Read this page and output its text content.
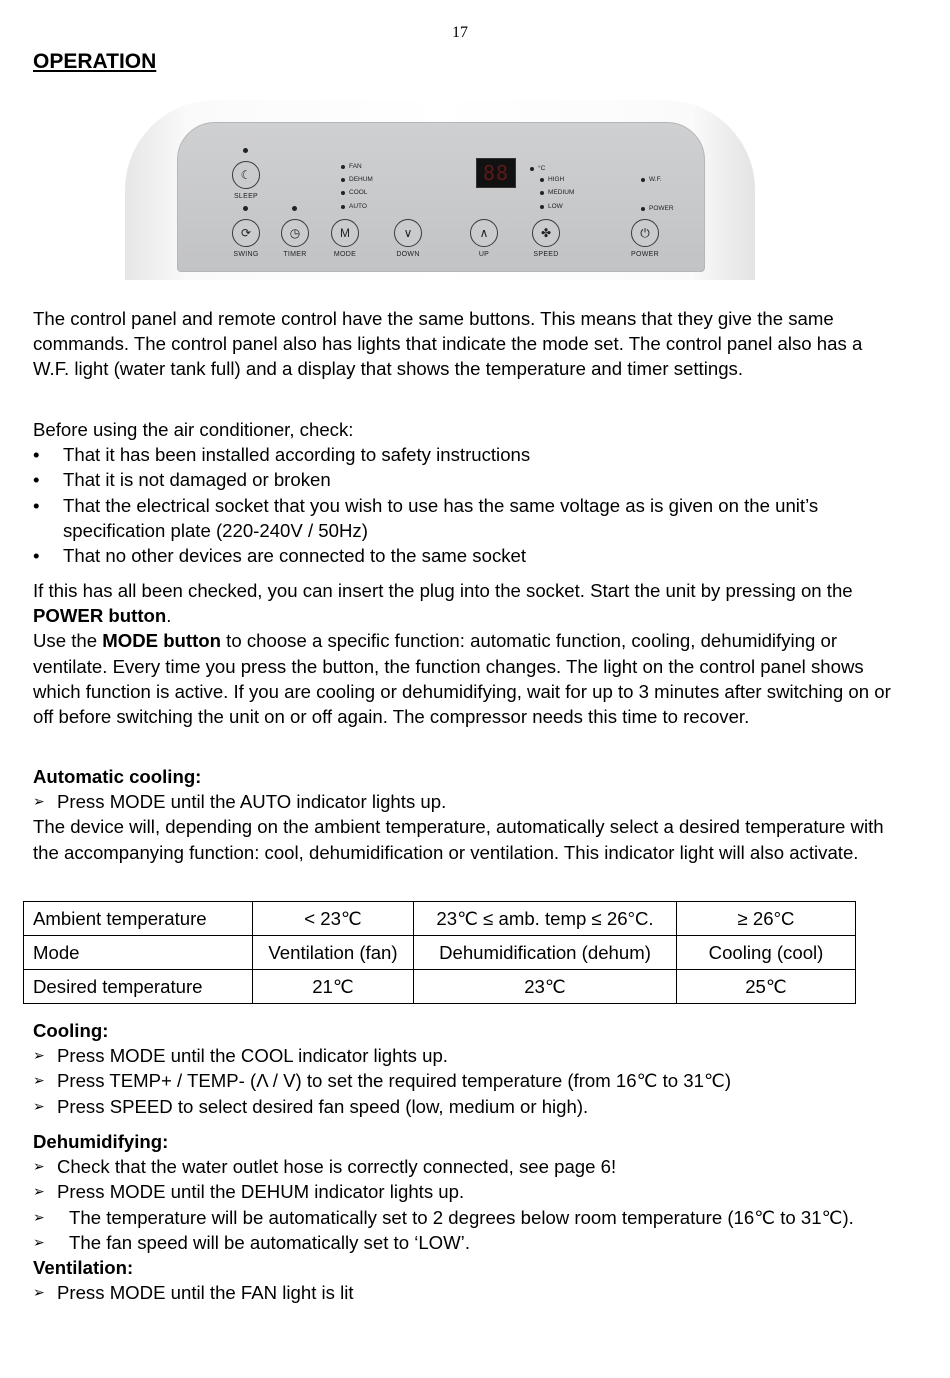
17
OPERATION
☾
SLEEP
FAN
DEHUM
COOL
AUTO
88	°C
HIGH
MEDIUM
LOW
W.F.
POWER
⟳
SWING
◷
TIMER
M
MODE
∨
DOWN
∧
UP
✤
SPEED
⏻
POWER

The control panel and remote control have the same buttons. This means that they give the same commands. The control panel also has lights that indicate the mode set. The control panel also has a W.F. light (water tank full) and a display that shows the temperature and timer settings.

Before using the air conditioner, check:

•	That it has been installed according to safety instructions
•	That it is not damaged or broken
•	That the electrical socket that you wish to use has the same voltage as is given on the unit’s specification plate (220-240V / 50Hz)
•	That no other devices are connected to the same socket

If this has all been checked, you can insert the plug into the socket. Start the unit by pressing on the POWER button.

Use the MODE button to choose a specific function: automatic function, cooling, dehumidifying or ventilate. Every time you press the button, the function changes. The light on the control panel shows which function is active. If you are cooling or dehumidifying, wait for up to 3 minutes after switching on or off before switching the unit on or off again. The compressor needs this time to recover.

Automatic cooling:

➢ Press MODE until the AUTO indicator lights up.

The device will, depending on the ambient temperature, automatically select a desired temperature with the accompanying function: cool, dehumidification or ventilation. This indicator light will also activate.

Ambient temperature	< 23℃	23℃ ≤ amb. temp ≤ 26°C.	≥ 26°C
Mode	Ventilation (fan)	Dehumidification (dehum)	Cooling (cool)
Desired temperature	21℃	23℃	25℃

Cooling:

➢ Press MODE until the COOL indicator lights up.
➢ Press TEMP+ / TEMP- (Λ / V) to set the required temperature (from 16℃ to 31℃)
➢ Press SPEED to select desired fan speed (low, medium or high).

Dehumidifying:

➢ Check that the water outlet hose is correctly connected, see page 6!
➢ Press MODE until the DEHUM indicator lights up.
➢	The temperature will be automatically set to 2 degrees below room temperature (16℃ to 31℃).
➢	The fan speed will be automatically set to ‘LOW’.

Ventilation:

➢ Press MODE until the FAN light is lit
